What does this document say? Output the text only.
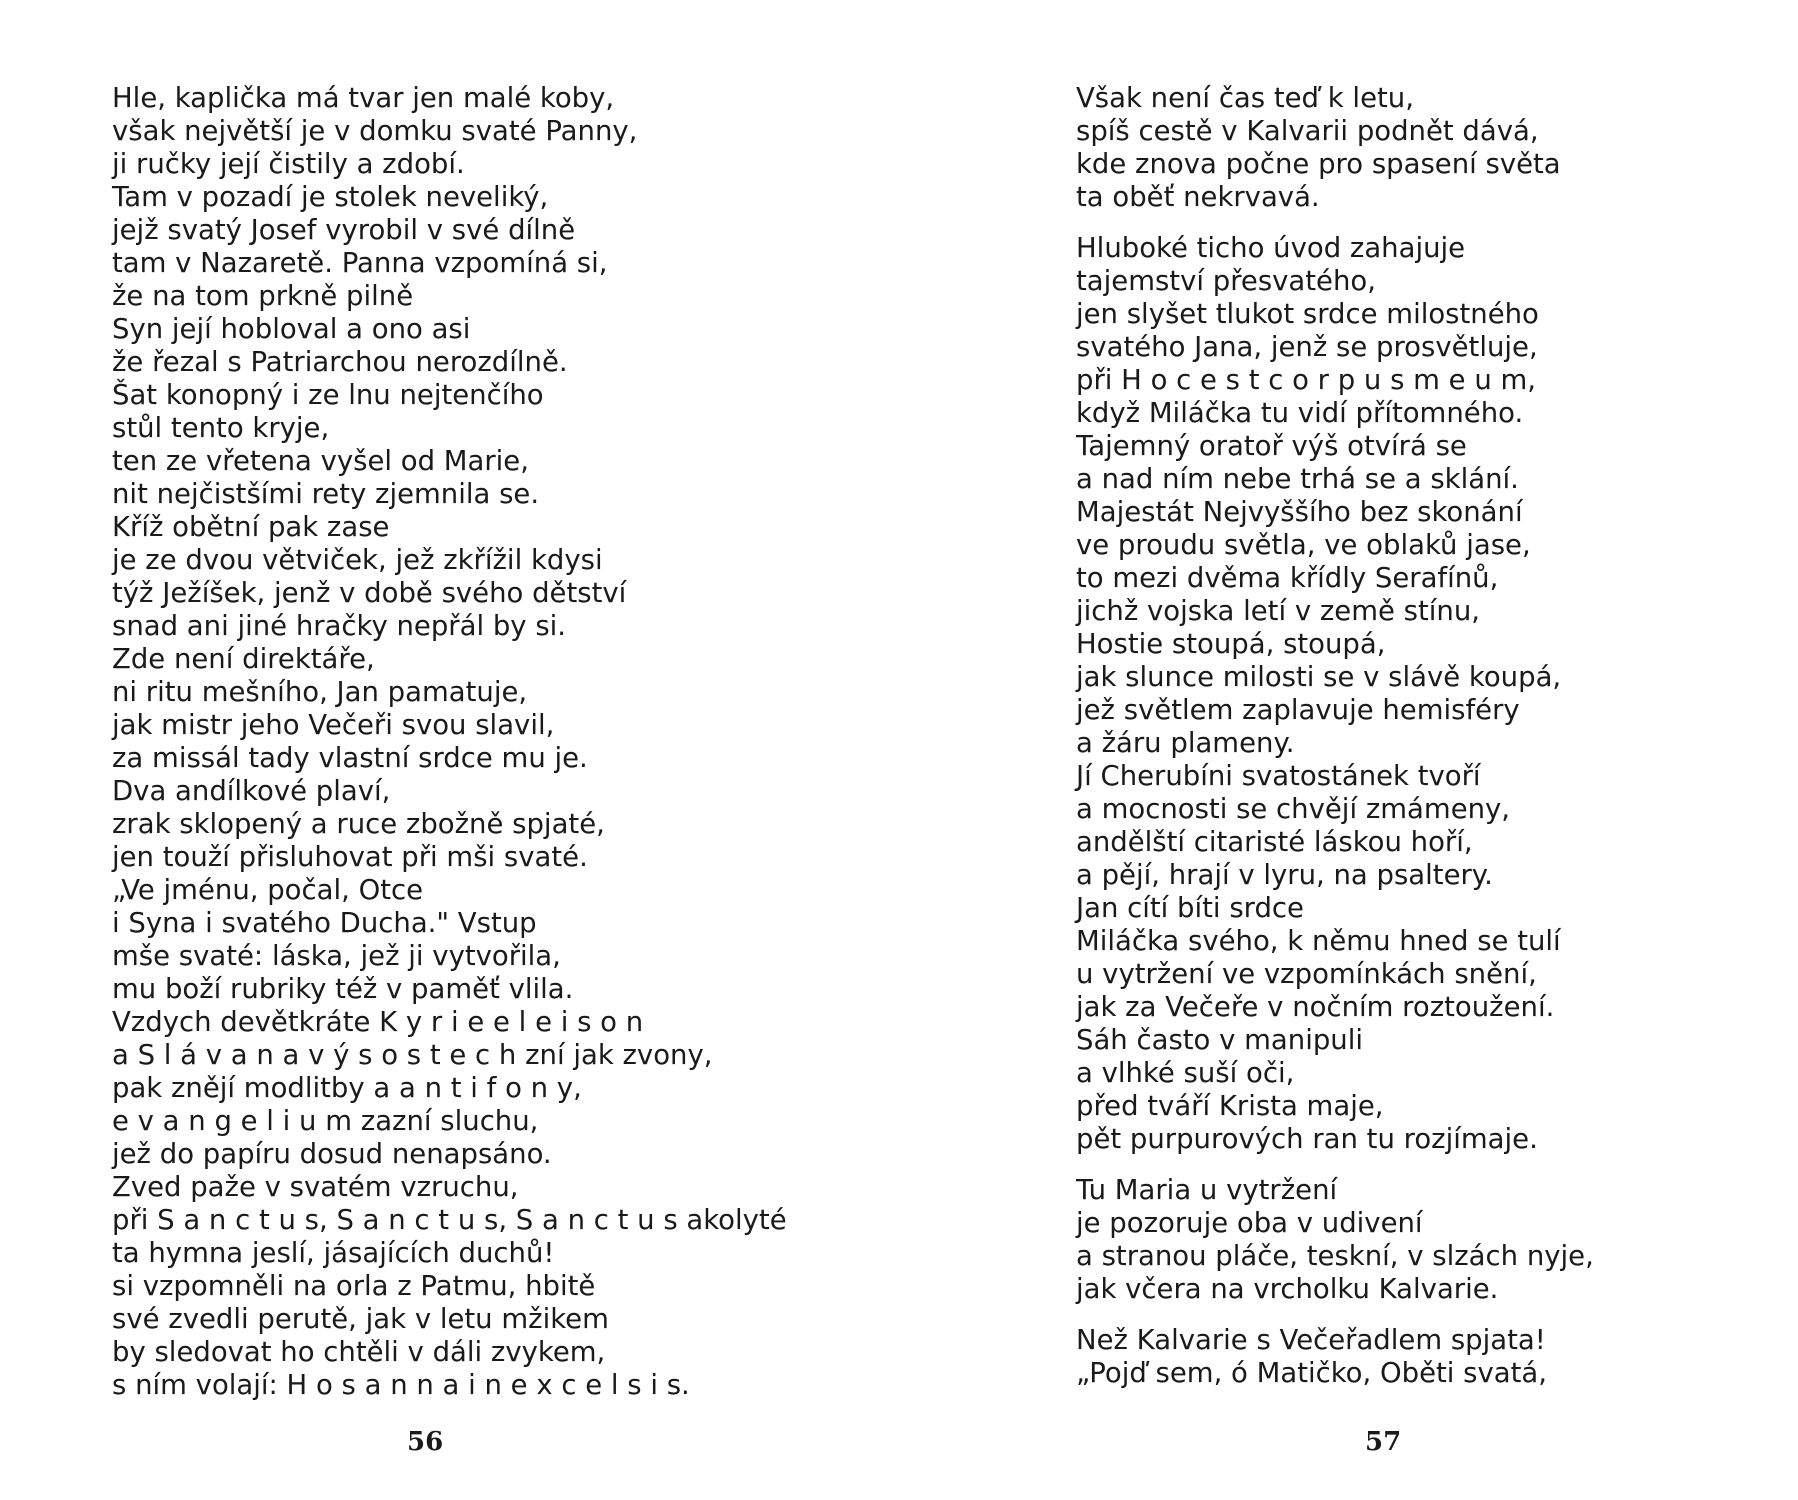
Hle, kaplička má tvar jen malé koby,
však největší je v domku svaté Panny,
ji ručky její čistily a zdobí.
Tam v pozadí je stolek neveliký,
jejž svatý Josef vyrobil v své dílně
tam v Nazaretě. Panna vzpomíná si,
že na tom prkně pilně
Syn její hobloval a ono asi
že řezal s Patriarchou nerozdílně.
Šat konopný i ze lnu nejtenčího
stůl tento kryje,
ten ze vřetena vyšel od Marie,
nit nejčistšími rety zjemnila se.
Kříž obětní pak zase
je ze dvou větviček, jež zkřížil kdysi
týž Ježíšek, jenž v době svého dětství
snad ani jiné hračky nepřál by si.
Zde není direktáře,
ni ritu mešního, Jan pamatuje,
jak mistr jeho Večeři svou slavil,
za missál tady vlastní srdce mu je.
Dva andílkové plaví,
zrak sklopený a ruce zbožně spjaté,
jen touží přisluhovat při mši svaté.
„Ve jménu, počal, Otce
i Syna i svatého Ducha." Vstup
mše svaté: láska, jež ji vytvořila,
mu boží rubriky též v paměť vlila.
Vzdych devětkráte K y r i e e l e i s o n
a S l á v a n a v ý s o s t e c h zní jak zvony,
pak znějí modlitby a a n t i f o n y,
e v a n g e l i u m zazní sluchu,
jež do papíru dosud nenapsáno.
Zved paže v svatém vzruchu,
při S a n c t u s, S a n c t u s, S a n c t u s akolyté
ta hymna jeslí, jásajících duchů!
si vzpomněli na orla z Patmu, hbitě
své zvedli perutě, jak v letu mžikem
by sledovat ho chtěli v dáli zvykem,
s ním volají: H o s a n n a i n e x c e l s i s.
56
Však není čas teď k letu,
spíš cestě v Kalvarii podnět dává,
kde znova počne pro spasení světa
ta oběť nekrvavá.
Hluboké ticho úvod zahajuje
tajemství přesvatého,
jen slyšet tlukot srdce milostného
svatého Jana, jenž se prosvětluje,
při H o c e s t c o r p u s m e u m,
když Miláčka tu vidí přítomného.
Tajemný oratoř výš otvírá se
a nad ním nebe trhá se a sklání.
Majestát Nejvyššího bez skonání
ve proudu světla, ve oblaků jase,
to mezi dvěma křídly Serafínů,
jichž vojska letí v země stínu,
Hostie stoupá, stoupá,
jak slunce milosti se v slávě koupá,
jež světlem zaplavuje hemisféry
a žáru plameny.
Jí Cherubíni svatostánek tvoří
a mocnosti se chvějí zmámeny,
andělští citaristé láskou hoří,
a pějí, hrají v lyru, na psaltery.
Jan cítí bíti srdce
Miláčka svého, k němu hned se tulí
u vytržení ve vzpomínkách snění,
jak za Večeře v nočním roztoužení.
Sáh často v manipuli
a vlhké suší oči,
před tváří Krista maje,
pět purpurových ran tu rozjímaje.
Tu Maria u vytržení
je pozoruje oba v udivení
a stranou pláče, teskní, v slzách nyje,
jak včera na vrcholku Kalvarie.
Než Kalvarie s Večeřadlem spjata!
„Pojď sem, ó Matičko, Oběti svatá,
57
